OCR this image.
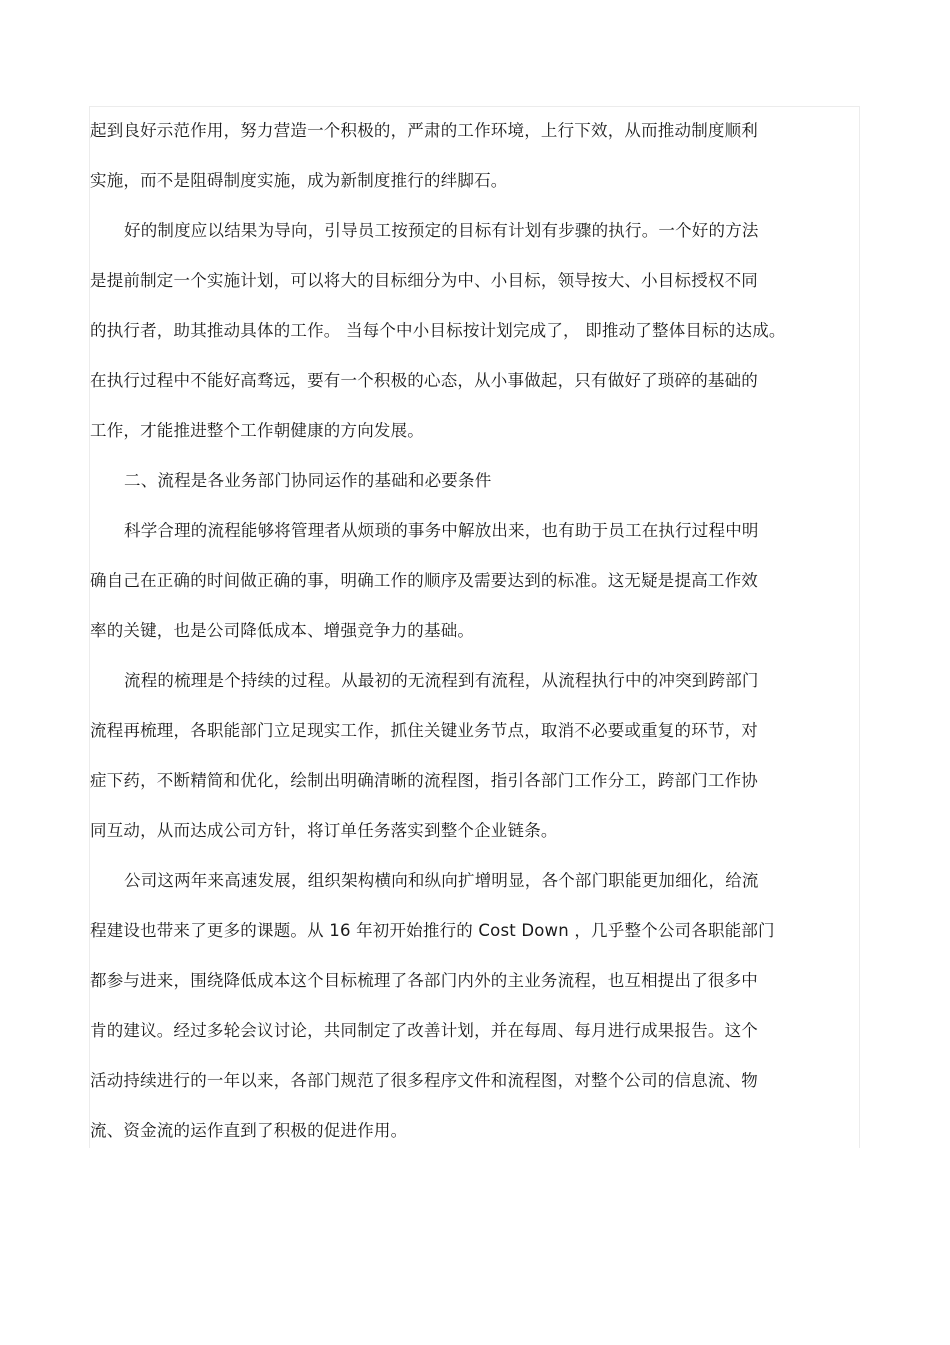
起到良好示范作用，努力营造一个积极的，严肃的工作环境，上行下效，从而推动制度顺利
实施，而不是阻碍制度实施，成为新制度推行的绊脚石。
好的制度应以结果为导向，引导员工按预定的目标有计划有步骤的执行。一个好的方法
是提前制定一个实施计划，可以将大的目标细分为中、小目标，领导按大、小目标授权不同
的执行者，助其推动具体的工作。 当每个中小目标按计划完成了， 即推动了整体目标的达成。
在执行过程中不能好高骛远，要有一个积极的心态，从小事做起，只有做好了琐碎的基础的
工作，才能推进整个工作朝健康的方向发展。
二、流程是各业务部门协同运作的基础和必要条件
科学合理的流程能够将管理者从烦琐的事务中解放出来，也有助于员工在执行过程中明
确自己在正确的时间做正确的事，明确工作的顺序及需要达到的标准。这无疑是提高工作效
率的关键，也是公司降低成本、增强竞争力的基础。
流程的梳理是个持续的过程。从最初的无流程到有流程，从流程执行中的冲突到跨部门
流程再梳理，各职能部门立足现实工作，抓住关键业务节点，取消不必要或重复的环节，对
症下药，不断精简和优化，绘制出明确清晰的流程图，指引各部门工作分工，跨部门工作协
同互动，从而达成公司方针，将订单任务落实到整个企业链条。
公司这两年来高速发展，组织架构横向和纵向扩增明显，各个部门职能更加细化，给流
程建设也带来了更多的课题。从 16 年初开始推行的 Cost Down ，几乎整个公司各职能部门
都参与进来，围绕降低成本这个目标梳理了各部门内外的主业务流程，也互相提出了很多中
肯的建议。经过多轮会议讨论，共同制定了改善计划，并在每周、每月进行成果报告。这个
活动持续进行的一年以来，各部门规范了很多程序文件和流程图，对整个公司的信息流、物
流、资金流的运作直到了积极的促进作用。
